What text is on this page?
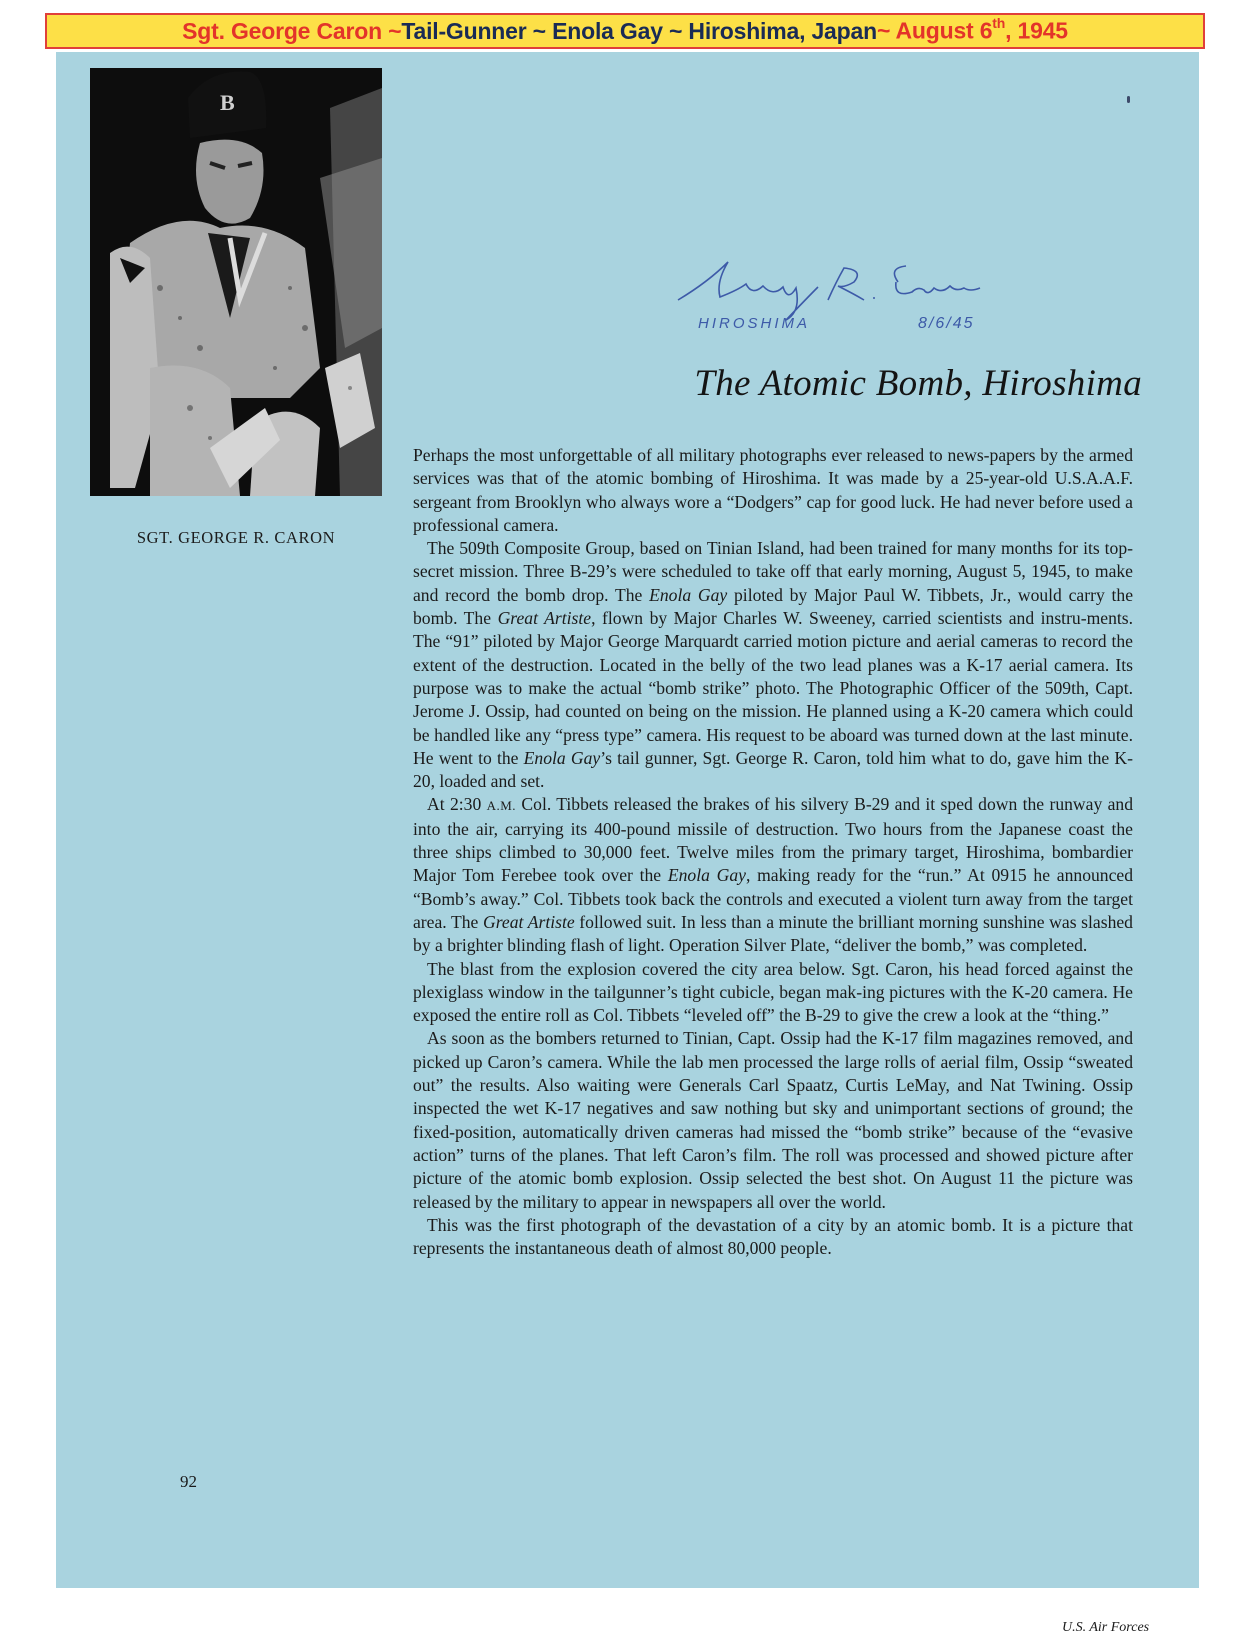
Sgt. George Caron ~ Tail-Gunner ~ Enola Gay ~ Hiroshima, Japan ~ August 6th, 1945
B
SGT. GEORGE R. CARON
HIROSHIMA	8/6/45
The Atomic Bomb, Hiroshima

Perhaps the most unforgettable of all military photographs ever released to news-papers by the armed services was that of the atomic bombing of Hiroshima. It was made by a 25-year-old U.S.A.A.F. sergeant from Brooklyn who always wore a “Dodgers” cap for good luck. He had never before used a professional camera.

The 509th Composite Group, based on Tinian Island, had been trained for many months for its top-secret mission. Three B-29’s were scheduled to take off that early morning, August 5, 1945, to make and record the bomb drop. The Enola Gay piloted by Major Paul W. Tibbets, Jr., would carry the bomb. The Great Artiste, flown by Major Charles W. Sweeney, carried scientists and instru-ments. The “91” piloted by Major George Marquardt carried motion picture and aerial cameras to record the extent of the destruction. Located in the belly of the two lead planes was a K-17 aerial camera. Its purpose was to make the actual “bomb strike” photo. The Photographic Officer of the 509th, Capt. Jerome J. Ossip, had counted on being on the mission. He planned using a K-20 camera which could be handled like any “press type” camera. His request to be aboard was turned down at the last minute. He went to the Enola Gay’s tail gunner, Sgt. George R. Caron, told him what to do, gave him the K-20, loaded and set.

At 2:30 A.M. Col. Tibbets released the brakes of his silvery B-29 and it sped down the runway and into the air, carrying its 400-pound missile of destruction. Two hours from the Japanese coast the three ships climbed to 30,000 feet. Twelve miles from the primary target, Hiroshima, bombardier Major Tom Ferebee took over the Enola Gay, making ready for the “run.” At 0915 he announced “Bomb’s away.” Col. Tibbets took back the controls and executed a violent turn away from the target area. The Great Artiste followed suit. In less than a minute the brilliant morning sunshine was slashed by a brighter blinding flash of light. Operation Silver Plate, “deliver the bomb,” was completed.

The blast from the explosion covered the city area below. Sgt. Caron, his head forced against the plexiglass window in the tailgunner’s tight cubicle, began mak-ing pictures with the K-20 camera. He exposed the entire roll as Col. Tibbets “leveled off” the B-29 to give the crew a look at the “thing.”

As soon as the bombers returned to Tinian, Capt. Ossip had the K-17 film magazines removed, and picked up Caron’s camera. While the lab men processed the large rolls of aerial film, Ossip “sweated out” the results. Also waiting were Generals Carl Spaatz, Curtis LeMay, and Nat Twining. Ossip inspected the wet K-17 negatives and saw nothing but sky and unimportant sections of ground; the fixed-position, automatically driven cameras had missed the “bomb strike” because of the “evasive action” turns of the planes. That left Caron’s film. The roll was processed and showed picture after picture of the atomic bomb explosion. Ossip selected the best shot. On August 11 the picture was released by the military to appear in newspapers all over the world.

This was the first photograph of the devastation of a city by an atomic bomb. It is a picture that represents the instantaneous death of almost 80,000 people.

92
U.S. Air Forces
